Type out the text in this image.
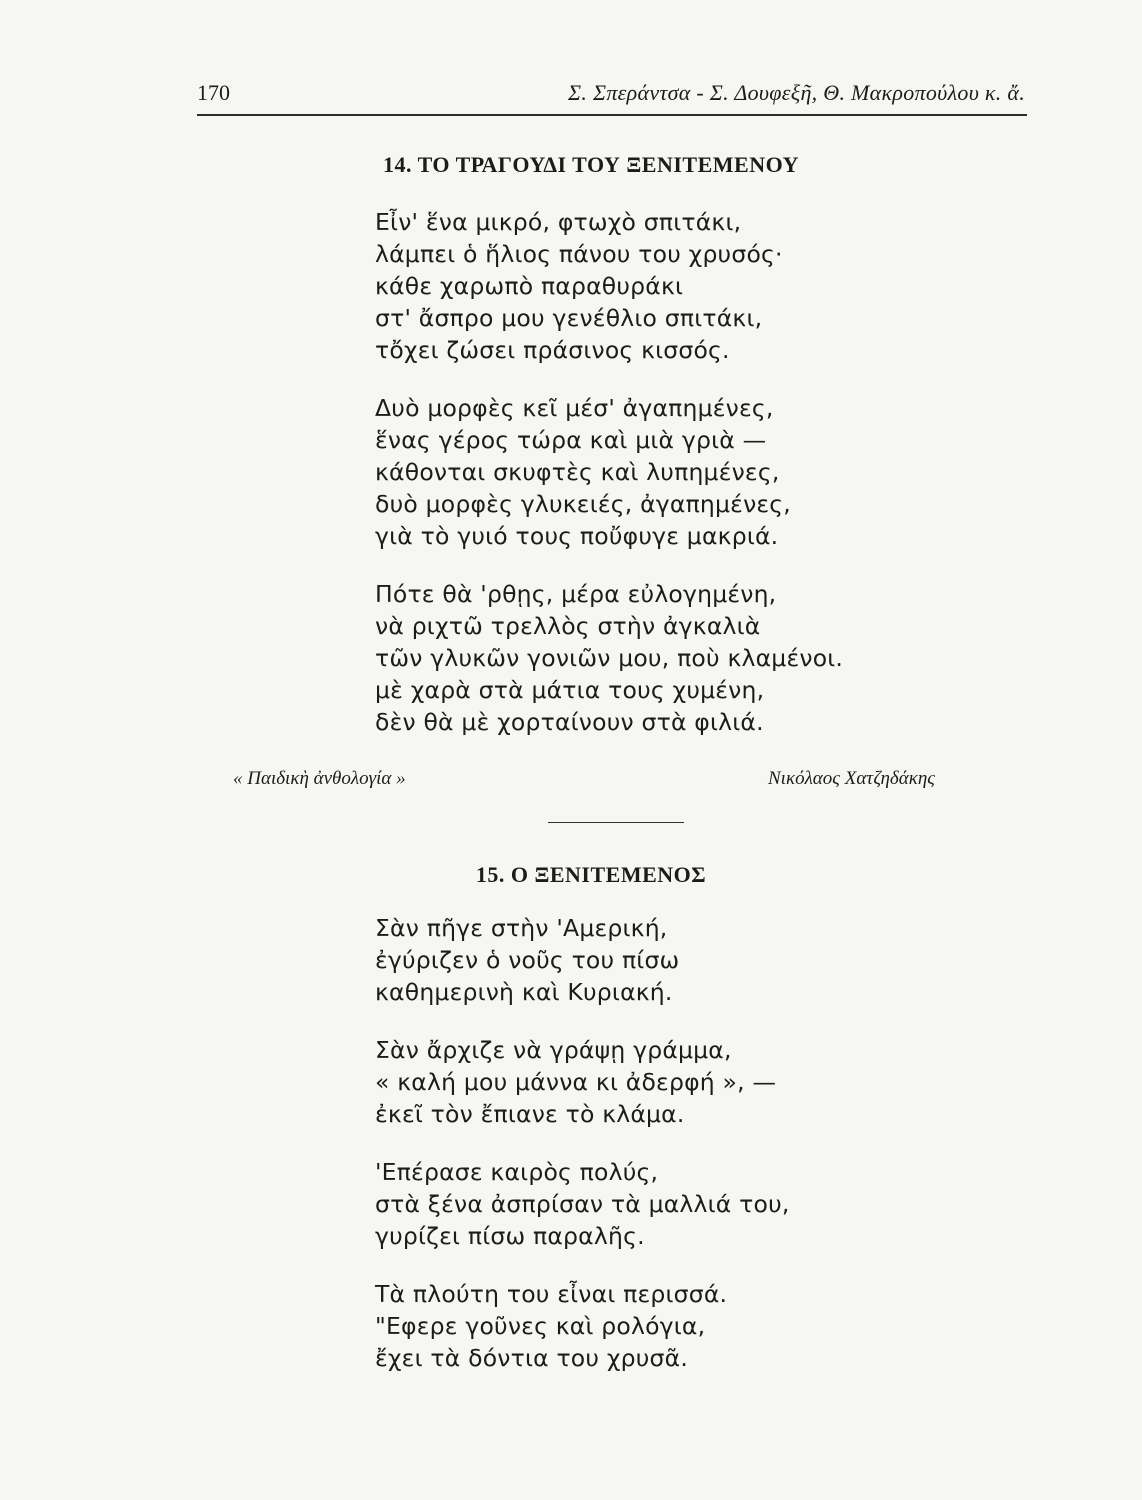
170	Σ. Σπεράντσα - Σ. Δουφεξῆ, Θ. Μακροπούλου κ. ἄ.
14. ΤΟ ΤΡΑΓΟΥΔΙ ΤΟΥ ΞΕΝΙΤΕΜΕΝΟΥ
Εἶν' ἕνα μικρό, φτωχὸ σπιτάκι,
λάμπει ὁ ἥλιος πάνου του χρυσός·
κάθε χαρωπὸ παραθυράκι
στ' ἄσπρο μου γενέθλιο σπιτάκι,
τὄχει ζώσει πράσινος κισσός.
Δυὸ μορφὲς κεῖ μέσ' ἀγαπημένες,
ἕνας γέρος τώρα καὶ μιὰ γριὰ —
κάθονται σκυφτὲς καὶ λυπημένες,
δυὸ μορφὲς γλυκειές, ἀγαπημένες,
γιὰ τὸ γυιό τους ποὔφυγε μακριά.
Πότε θὰ 'ρθῃς, μέρα εὐλογημένη,
νὰ ριχτῶ τρελλὸς στὴν ἀγκαλιὰ
τῶν γλυκῶν γονιῶν μου, ποὺ κλαμένοι.
μὲ χαρὰ στὰ μάτια τους χυμένη,
δὲν θὰ μὲ χορταίνουν στὰ φιλιά.
« Παιδικὴ ἀνθολογία »	Νικόλαος Χατζηδάκης
15. Ο ΞΕΝΙΤΕΜΕΝΟΣ
Σὰν πῆγε στὴν 'Αμερική,
ἐγύριζεν ὁ νοῦς του πίσω
καθημερινὴ καὶ Κυριακή.
Σὰν ἄρχιζε νὰ γράψῃ γράμμα,
« καλή μου μάννα κι ἀδερφή », —
ἐκεῖ τὸν ἔπιανε τὸ κλάμα.
'Επέρασε καιρὸς πολύς,
στὰ ξένα ἀσπρίσαν τὰ μαλλιά του,
γυρίζει πίσω παραλῆς.
Τὰ πλούτη του εἶναι περισσά.
"Εφερε γοῦνες καὶ ρολόγια,
ἔχει τὰ δόντια του χρυσᾶ.
